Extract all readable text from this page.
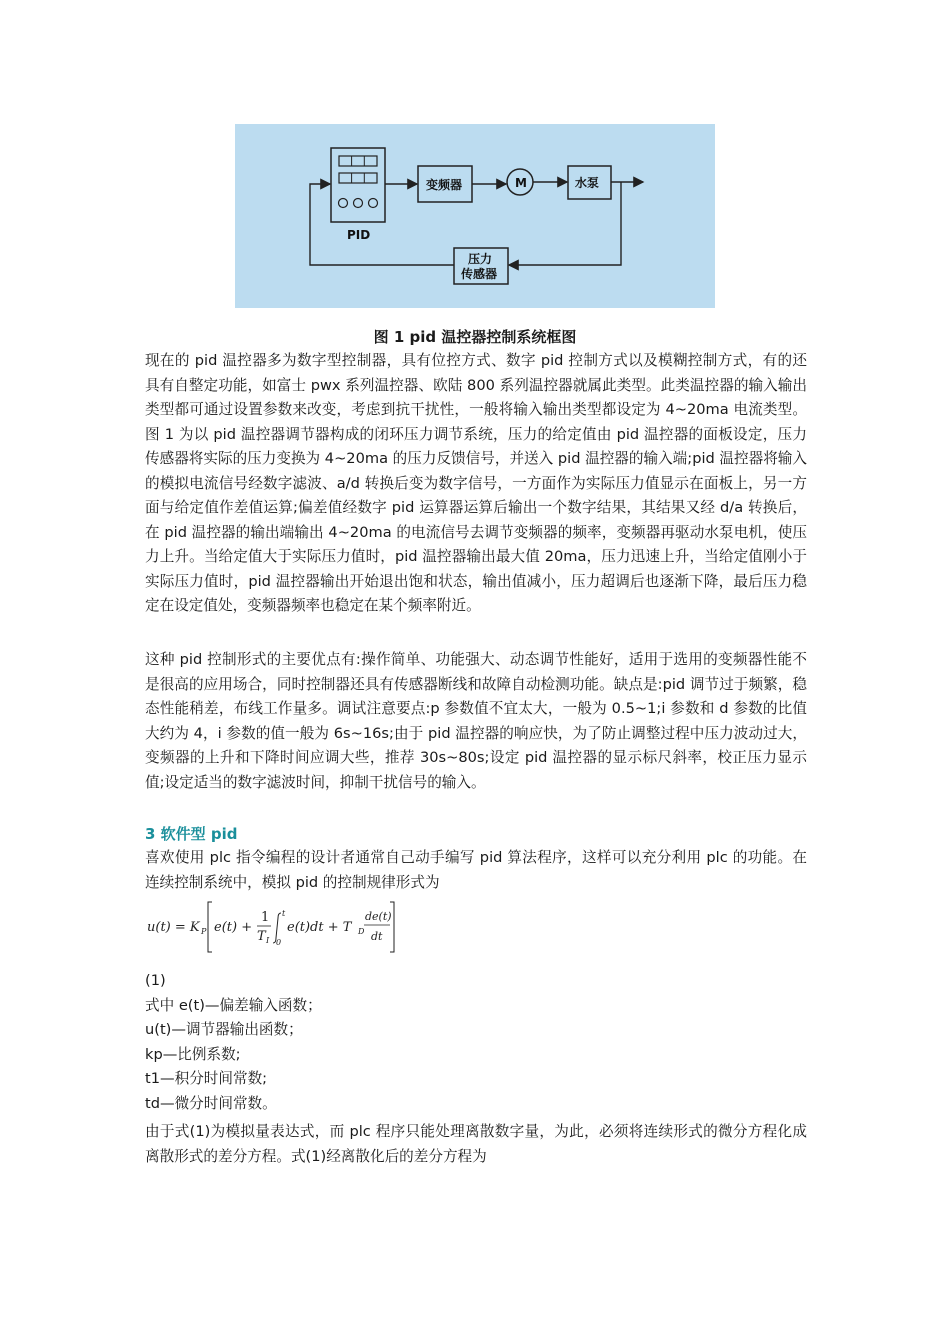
PID
变频器	M	水泵
压力
传感器
图 1 pid 温控器控制系统框图

现在的 pid 温控器多为数字型控制器，具有位控方式、数字 pid 控制方式以及模糊控制方式，有的还具有自整定功能，如富士 pwx 系列温控器、欧陆 800 系列温控器就属此类型。此类温控器的输入输出类型都可通过设置参数来改变，考虑到抗干扰性，一般将输入输出类型都设定为 4~20ma 电流类型。图 1 为以 pid 温控器调节器构成的闭环压力调节系统，压力的给定值由 pid 温控器的面板设定，压力传感器将实际的压力变换为 4~20ma 的压力反馈信号，并送入 pid 温控器的输入端;pid 温控器将输入的模拟电流信号经数字滤波、a/d 转换后变为数字信号，一方面作为实际压力值显示在面板上，另一方面与给定值作差值运算;偏差值经数字 pid 运算器运算后输出一个数字结果，其结果又经 d/a 转换后，在 pid 温控器的输出端输出 4~20ma 的电流信号去调节变频器的频率，变频器再驱动水泵电机，使压力上升。当给定值大于实际压力值时，pid 温控器输出最大值 20ma，压力迅速上升，当给定值刚小于实际压力值时，pid 温控器输出开始退出饱和状态，输出值减小，压力超调后也逐渐下降，最后压力稳定在设定值处，变频器频率也稳定在某个频率附近。

这种 pid 控制形式的主要优点有:操作简单、功能强大、动态调节性能好，适用于选用的变频器性能不是很高的应用场合，同时控制器还具有传感器断线和故障自动检测功能。缺点是:pid 调节过于频繁，稳态性能稍差，布线工作量多。调试注意要点:p 参数值不宜太大，一般为 0.5~1;i 参数和 d 参数的比值大约为 4，i 参数的值一般为 6s~16s;由于 pid 温控器的响应快，为了防止调整过程中压力波动过大，变频器的上升和下降时间应调大些，推荐 30s~80s;设定 pid 温控器的显示标尺斜率，校正压力显示值;设定适当的数字滤波时间，抑制干扰信号的输入。

3 软件型 pid

喜欢使用 plc 指令编程的设计者通常自己动手编写 pid 算法程序，这样可以充分利用 plc 的功能。在连续控制系统中，模拟 pid 的控制规律形式为

u(t) = K P e(t) +
1
T I
t
0
e(t)dt + T D
de(t)
dt
(1)
式中 e(t)—偏差输入函数；
u(t)—调节器输出函数；
kp—比例系数;
t1—积分时间常数;
td—微分时间常数。

由于式(1)为模拟量表达式，而 plc 程序只能处理离散数字量，为此，必须将连续形式的微分方程化成离散形式的差分方程。式(1)经离散化后的差分方程为
